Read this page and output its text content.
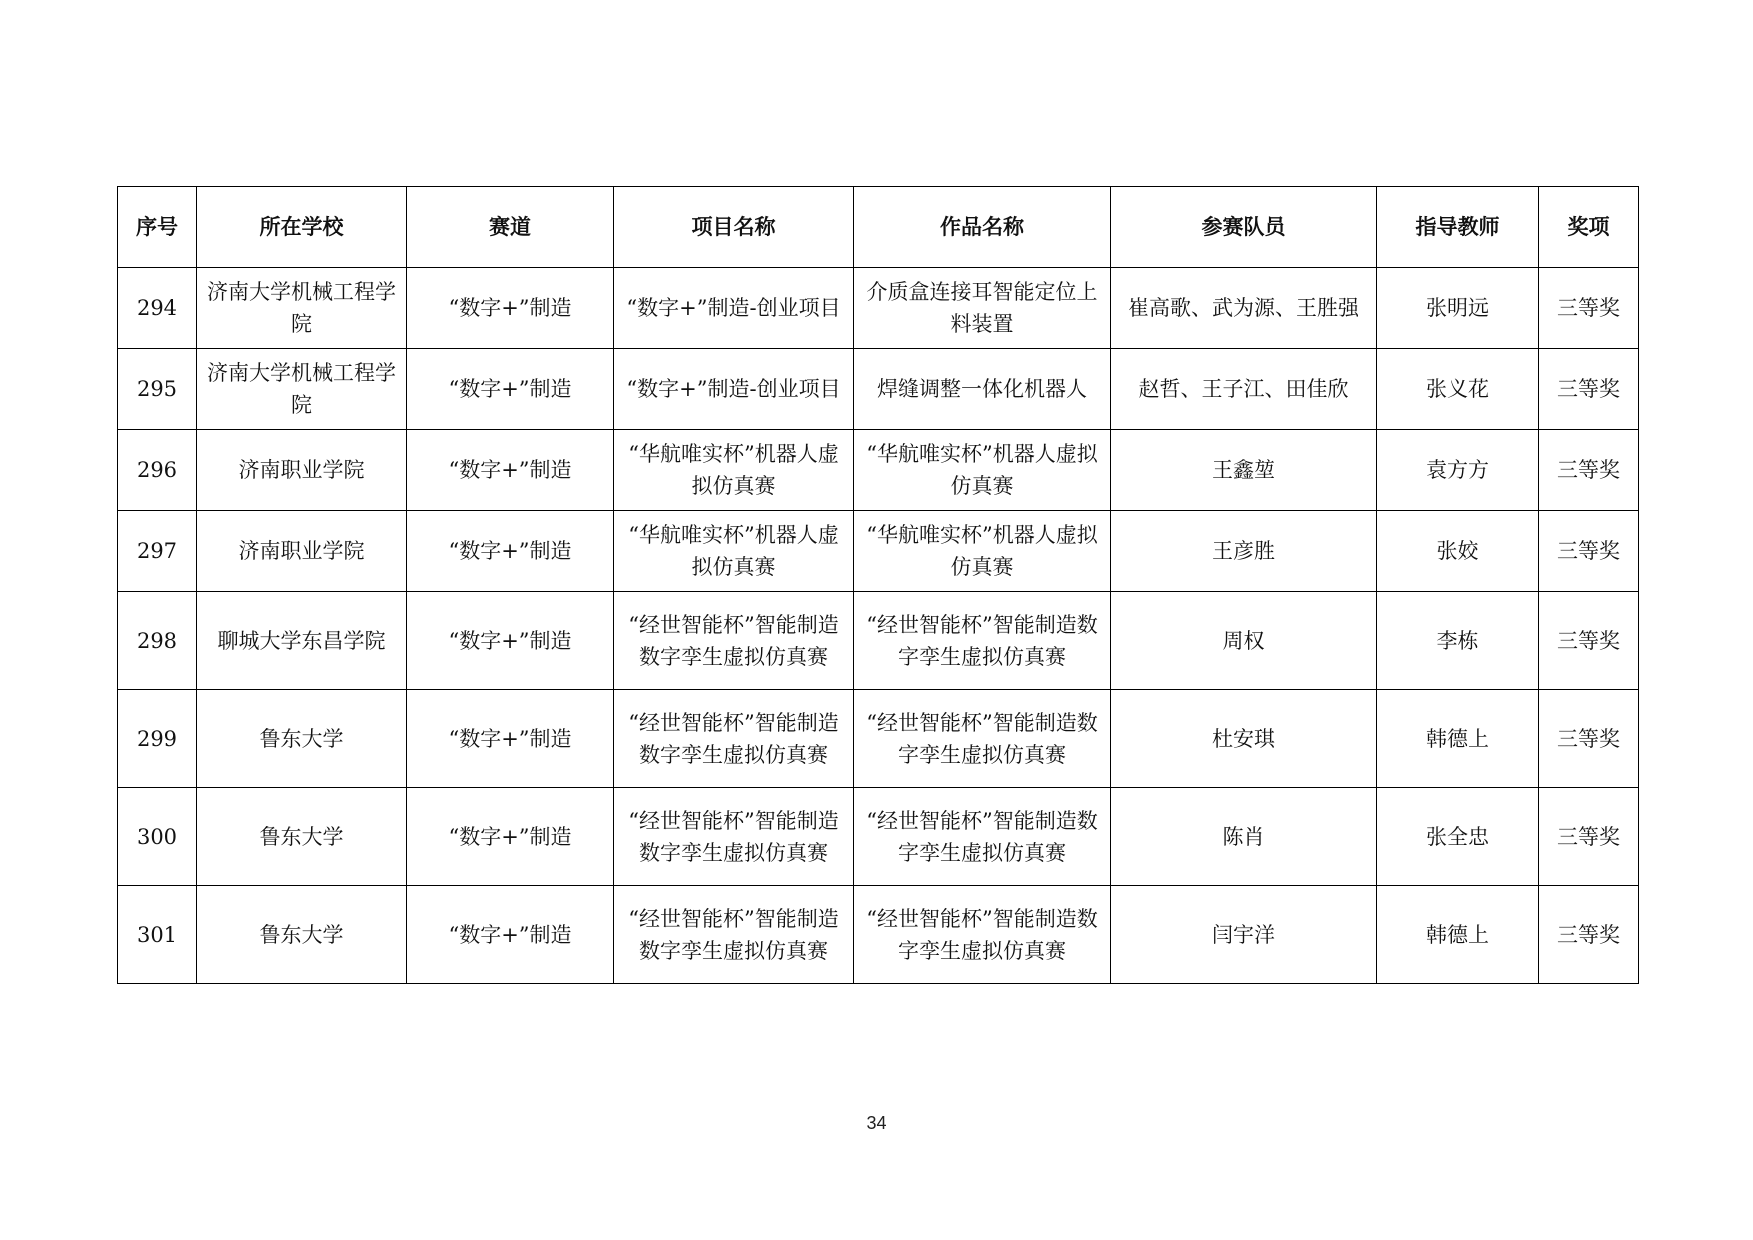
序号	所在学校	赛道	项目名称	作品名称	参赛队员	指导教师	奖项
294	济南大学机械工程学院	“数字+”制造	“数字+”制造-创业项目	介质盒连接耳智能定位上料装置	崔高歌、武为源、王胜强	张明远	三等奖
295	济南大学机械工程学院	“数字+”制造	“数字+”制造-创业项目	焊缝调整一体化机器人	赵哲、王子江、田佳欣	张义花	三等奖
296	济南职业学院	“数字+”制造	“华航唯实杯”机器人虚拟仿真赛	“华航唯实杯”机器人虚拟仿真赛	王鑫堃	袁方方	三等奖
297	济南职业学院	“数字+”制造	“华航唯实杯”机器人虚拟仿真赛	“华航唯实杯”机器人虚拟仿真赛	王彦胜	张姣	三等奖
298	聊城大学东昌学院	“数字+”制造	“经世智能杯”智能制造数字孪生虚拟仿真赛	“经世智能杯”智能制造数字孪生虚拟仿真赛	周权	李栋	三等奖
299	鲁东大学	“数字+”制造	“经世智能杯”智能制造数字孪生虚拟仿真赛	“经世智能杯”智能制造数字孪生虚拟仿真赛	杜安琪	韩德上	三等奖
300	鲁东大学	“数字+”制造	“经世智能杯”智能制造数字孪生虚拟仿真赛	“经世智能杯”智能制造数字孪生虚拟仿真赛	陈肖	张全忠	三等奖
301	鲁东大学	“数字+”制造	“经世智能杯”智能制造数字孪生虚拟仿真赛	“经世智能杯”智能制造数字孪生虚拟仿真赛	闫宇洋	韩德上	三等奖
34
